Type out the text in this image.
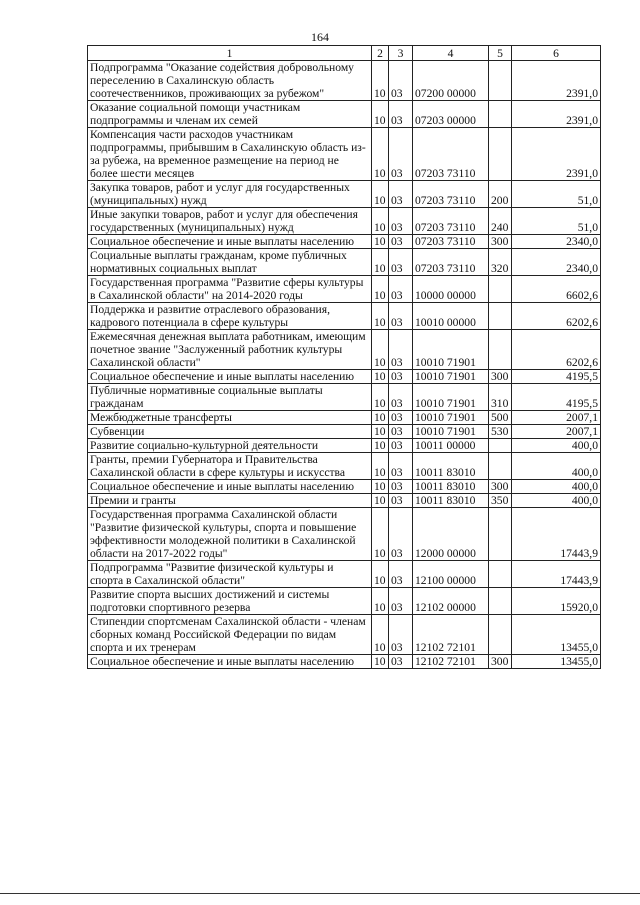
164
1	2	3	4	5	6
Подпрограмма "Оказание содействия добровольному переселению в Сахалинскую область соотечественников, проживающих за рубежом"	10	03	07200 00000		2391,0
Оказание социальной помощи участникам подпрограммы и членам их семей	10	03	07203 00000		2391,0
Компенсация части расходов участникам подпрограммы, прибывшим в Сахалинскую область из-за рубежа, на временное размещение на период не более шести месяцев	10	03	07203 73110		2391,0
Закупка товаров, работ и услуг для государственных (муниципальных) нужд	10	03	07203 73110	200	51,0
Иные закупки товаров, работ и услуг для обеспечения государственных (муниципальных) нужд	10	03	07203 73110	240	51,0
Социальное обеспечение и иные выплаты населению	10	03	07203 73110	300	2340,0
Социальные выплаты гражданам, кроме публичных нормативных социальных выплат	10	03	07203 73110	320	2340,0
Государственная программа "Развитие сферы культуры в Сахалинской области" на 2014-2020 годы	10	03	10000 00000		6602,6
Поддержка и развитие отраслевого образования, кадрового потенциала в сфере культуры	10	03	10010 00000		6202,6
Ежемесячная денежная выплата работникам, имеющим почетное звание "Заслуженный работник культуры Сахалинской области"	10	03	10010 71901		6202,6
Социальное обеспечение и иные выплаты населению	10	03	10010 71901	300	4195,5
Публичные нормативные социальные выплаты гражданам	10	03	10010 71901	310	4195,5
Межбюджетные трансферты	10	03	10010 71901	500	2007,1
Субвенции	10	03	10010 71901	530	2007,1
Развитие социально-культурной деятельности	10	03	10011 00000		400,0
Гранты, премии Губернатора и Правительства Сахалинской области в сфере культуры и искусства	10	03	10011 83010		400,0
Социальное обеспечение и иные выплаты населению	10	03	10011 83010	300	400,0
Премии и гранты	10	03	10011 83010	350	400,0
Государственная программа Сахалинской области "Развитие физической культуры, спорта и повышение эффективности молодежной политики в Сахалинской области на 2017-2022 годы"	10	03	12000 00000		17443,9
Подпрограмма "Развитие физической культуры и спорта в Сахалинской области"	10	03	12100 00000		17443,9
Развитие спорта высших достижений и системы подготовки спортивного резерва	10	03	12102 00000		15920,0
Стипендии спортсменам Сахалинской области - членам сборных команд Российской Федерации по видам спорта и их тренерам	10	03	12102 72101		13455,0
Социальное обеспечение и иные выплаты населению	10	03	12102 72101	300	13455,0
